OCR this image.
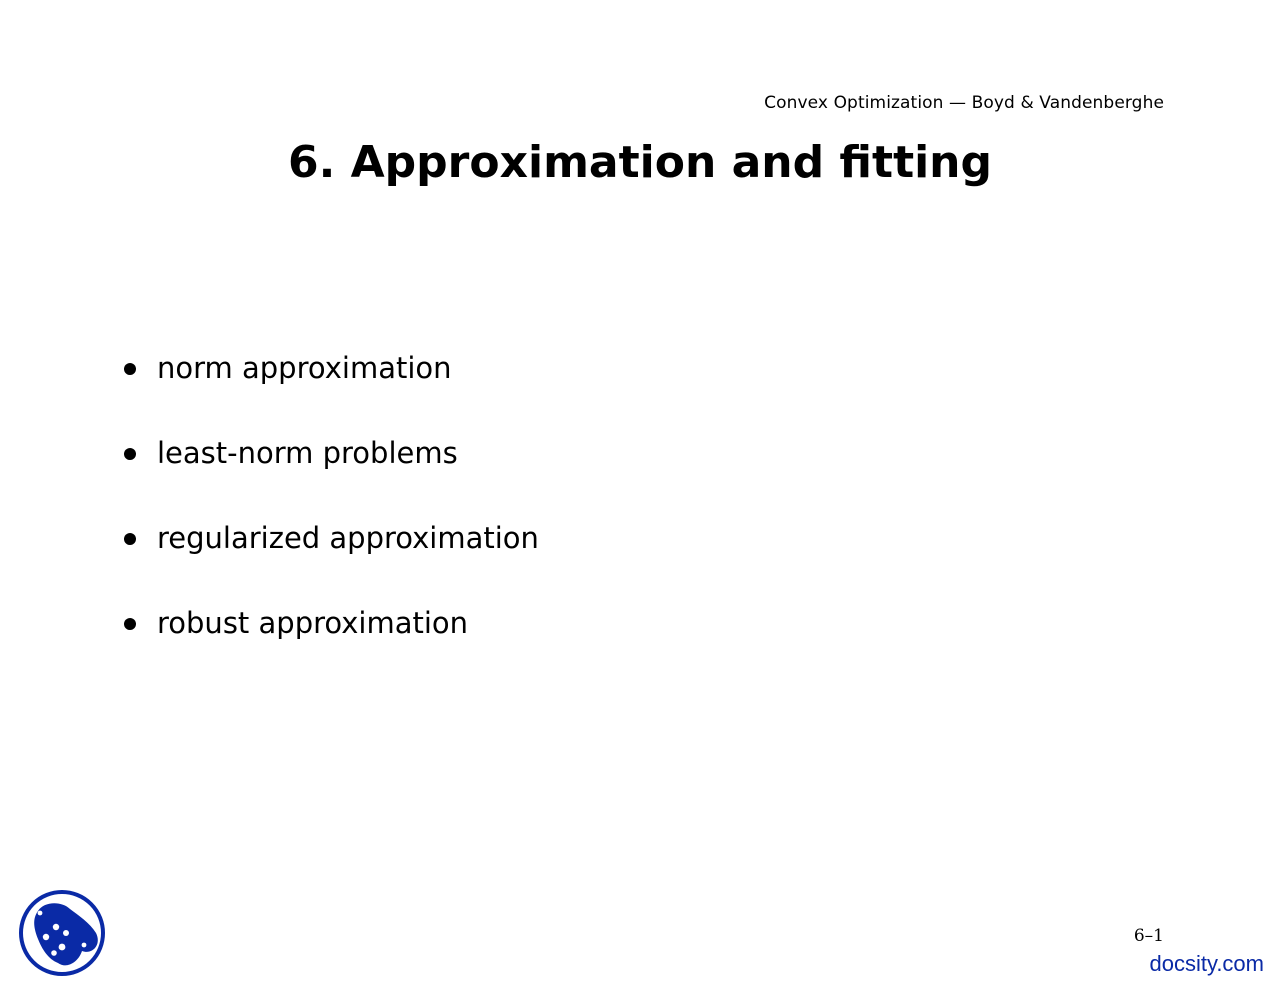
Convex Optimization — Boyd & Vandenberghe
6. Approximation and fitting
norm approximation
least-norm problems
regularized approximation
robust approximation
6–1
docsity.com
